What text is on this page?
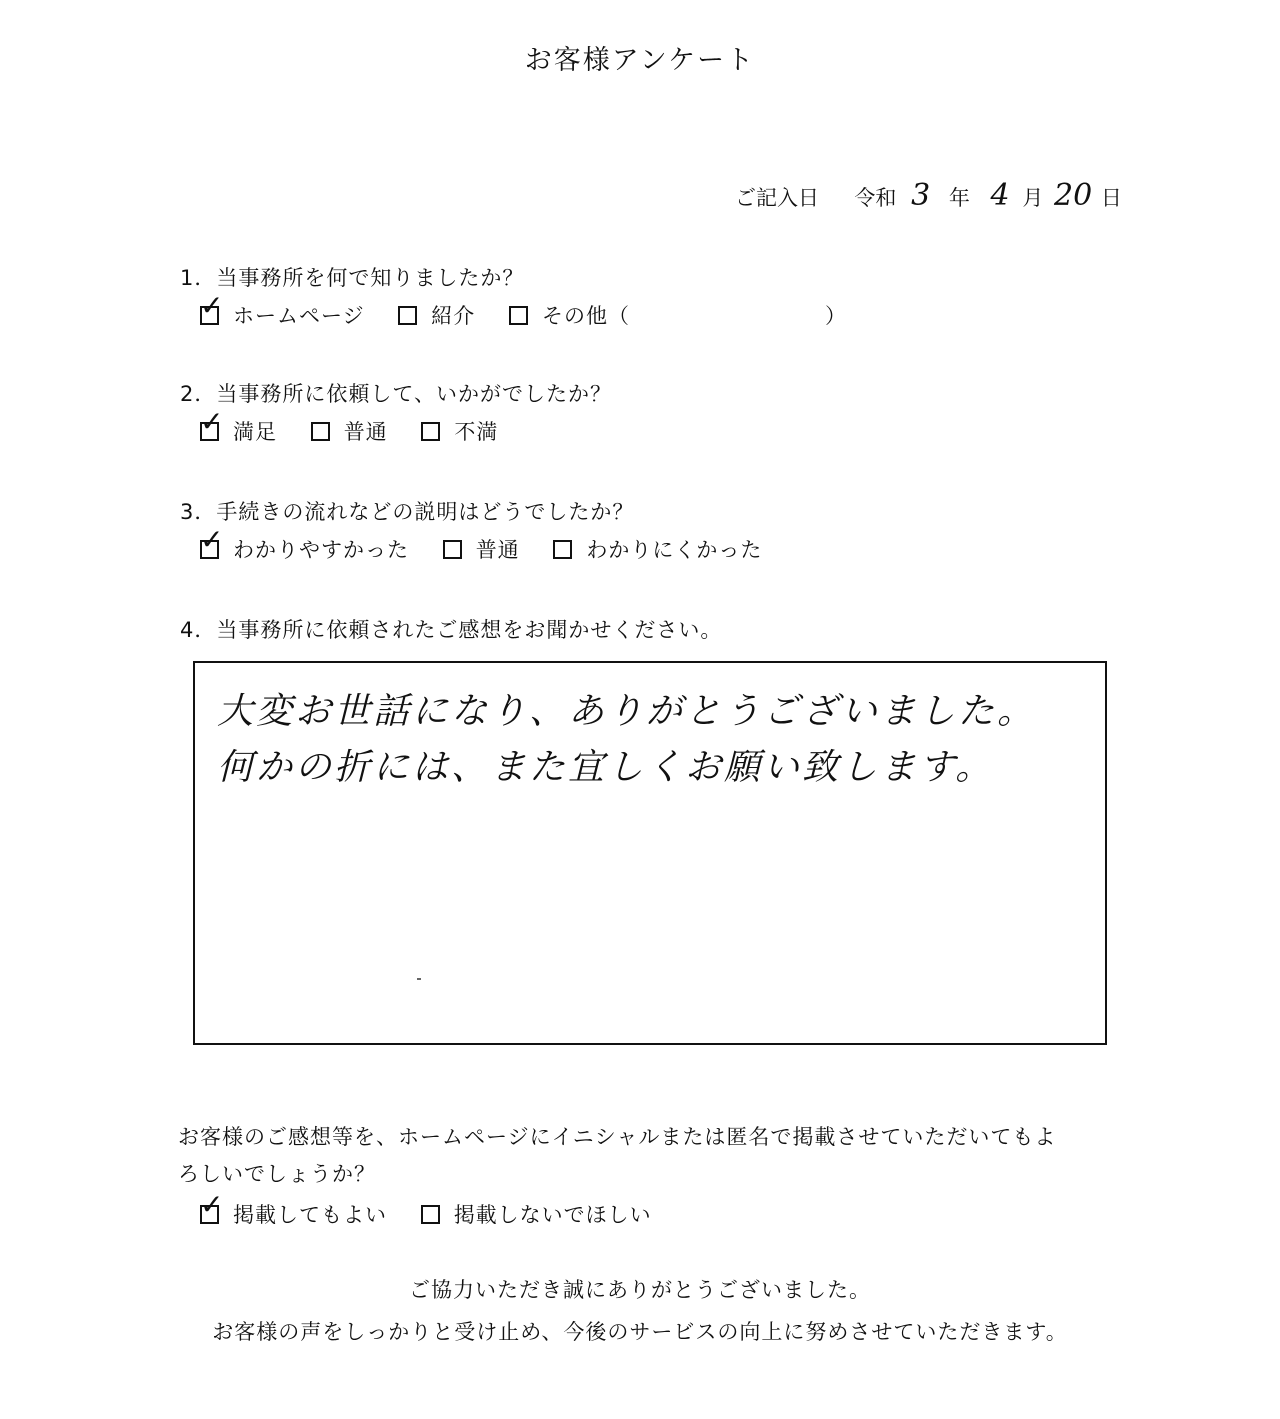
お客様アンケート
ご記入日 令和 3 年 4 月 20 日
1．当事務所を何で知りましたか？
✓ホームページ	紹介	その他（	）
2．当事務所に依頼して、いかがでしたか？
✓満足	普通	不満
3．手続きの流れなどの説明はどうでしたか？
✓わかりやすかった	普通	わかりにくかった
4．当事務所に依頼されたご感想をお聞かせください。
大変お世話になり、ありがとうございました。
何かの折には、また宜しくお願い致します。
お客様のご感想等を、ホームページにイニシャルまたは匿名で掲載させていただいてもよ
ろしいでしょうか？
✓掲載してもよい	掲載しないでほしい
ご協力いただき誠にありがとうございました。
お客様の声をしっかりと受け止め、今後のサービスの向上に努めさせていただきます。
